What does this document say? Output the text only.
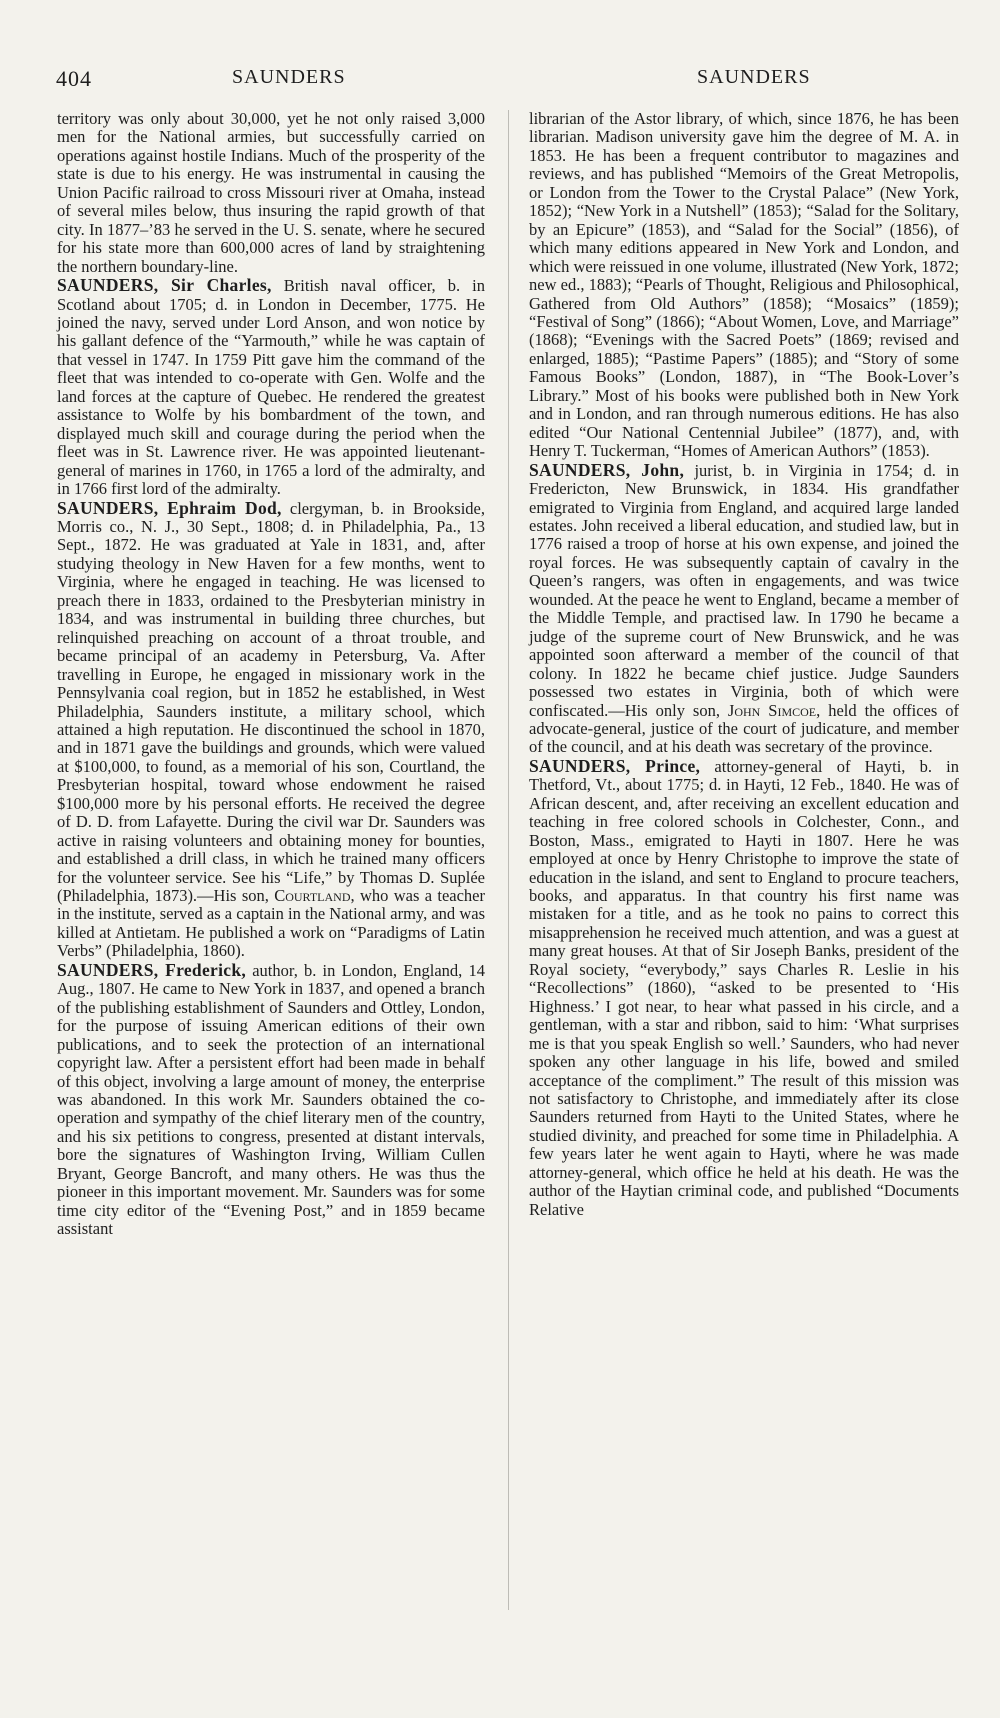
404	SAUNDERS	SAUNDERS

territory was only about 30,000, yet he not only raised 3,000 men for the National armies, but successfully carried on operations against hostile Indians. Much of the prosperity of the state is due to his energy. He was instrumental in causing the Union Pacific railroad to cross Missouri river at Omaha, instead of several miles below, thus insuring the rapid growth of that city. In 1877–’83 he served in the U. S. senate, where he secured for his state more than 600,000 acres of land by straightening the northern boundary-line.

SAUNDERS, Sir Charles, British naval officer, b. in Scotland about 1705; d. in London in December, 1775. He joined the navy, served under Lord Anson, and won notice by his gallant defence of the “Yarmouth,” while he was captain of that vessel in 1747. In 1759 Pitt gave him the command of the fleet that was intended to co-operate with Gen. Wolfe and the land forces at the capture of Quebec. He rendered the greatest assistance to Wolfe by his bombardment of the town, and displayed much skill and courage during the period when the fleet was in St. Lawrence river. He was appointed lieutenant-general of marines in 1760, in 1765 a lord of the admiralty, and in 1766 first lord of the admiralty.

SAUNDERS, Ephraim Dod, clergyman, b. in Brookside, Morris co., N. J., 30 Sept., 1808; d. in Philadelphia, Pa., 13 Sept., 1872. He was graduated at Yale in 1831, and, after studying theology in New Haven for a few months, went to Virginia, where he engaged in teaching. He was licensed to preach there in 1833, ordained to the Presbyterian ministry in 1834, and was instrumental in building three churches, but relinquished preaching on account of a throat trouble, and became principal of an academy in Petersburg, Va. After travelling in Europe, he engaged in missionary work in the Pennsylvania coal region, but in 1852 he established, in West Philadelphia, Saunders institute, a military school, which attained a high reputation. He discontinued the school in 1870, and in 1871 gave the buildings and grounds, which were valued at $100,000, to found, as a memorial of his son, Courtland, the Presbyterian hospital, toward whose endowment he raised $100,000 more by his personal efforts. He received the degree of D. D. from Lafayette. During the civil war Dr. Saunders was active in raising volunteers and obtaining money for bounties, and established a drill class, in which he trained many officers for the volunteer service. See his “Life,” by Thomas D. Suplée (Philadelphia, 1873).—His son, Courtland, who was a teacher in the institute, served as a captain in the National army, and was killed at Antietam. He published a work on “Paradigms of Latin Verbs” (Philadelphia, 1860).

SAUNDERS, Frederick, author, b. in London, England, 14 Aug., 1807. He came to New York in 1837, and opened a branch of the publishing establishment of Saunders and Ottley, London, for the purpose of issuing American editions of their own publications, and to seek the protection of an international copyright law. After a persistent effort had been made in behalf of this object, involving a large amount of money, the enterprise was abandoned. In this work Mr. Saunders obtained the co-operation and sympathy of the chief literary men of the country, and his six petitions to congress, presented at distant intervals, bore the signatures of Washington Irving, William Cullen Bryant, George Bancroft, and many others. He was thus the pioneer in this important movement. Mr. Saunders was for some time city editor of the “Evening Post,” and in 1859 became assistant

librarian of the Astor library, of which, since 1876, he has been librarian. Madison university gave him the degree of M. A. in 1853. He has been a frequent contributor to magazines and reviews, and has published “Memoirs of the Great Metropolis, or London from the Tower to the Crystal Palace” (New York, 1852); “New York in a Nutshell” (1853); “Salad for the Solitary, by an Epicure” (1853), and “Salad for the Social” (1856), of which many editions appeared in New York and London, and which were reissued in one volume, illustrated (New York, 1872; new ed., 1883); “Pearls of Thought, Religious and Philosophical, Gathered from Old Authors” (1858); “Mosaics” (1859); “Festival of Song” (1866); “About Women, Love, and Marriage” (1868); “Evenings with the Sacred Poets” (1869; revised and enlarged, 1885); “Pastime Papers” (1885); and “Story of some Famous Books” (London, 1887), in “The Book-Lover’s Library.” Most of his books were published both in New York and in London, and ran through numerous editions. He has also edited “Our National Centennial Jubilee” (1877), and, with Henry T. Tuckerman, “Homes of American Authors” (1853).

SAUNDERS, John, jurist, b. in Virginia in 1754; d. in Fredericton, New Brunswick, in 1834. His grandfather emigrated to Virginia from England, and acquired large landed estates. John received a liberal education, and studied law, but in 1776 raised a troop of horse at his own expense, and joined the royal forces. He was subsequently captain of cavalry in the Queen’s rangers, was often in engagements, and was twice wounded. At the peace he went to England, became a member of the Middle Temple, and practised law. In 1790 he became a judge of the supreme court of New Brunswick, and he was appointed soon afterward a member of the council of that colony. In 1822 he became chief justice. Judge Saunders possessed two estates in Virginia, both of which were confiscated.—His only son, John Simcoe, held the offices of advocate-general, justice of the court of judicature, and member of the council, and at his death was secretary of the province.

SAUNDERS, Prince, attorney-general of Hayti, b. in Thetford, Vt., about 1775; d. in Hayti, 12 Feb., 1840. He was of African descent, and, after receiving an excellent education and teaching in free colored schools in Colchester, Conn., and Boston, Mass., emigrated to Hayti in 1807. Here he was employed at once by Henry Christophe to improve the state of education in the island, and sent to England to procure teachers, books, and apparatus. In that country his first name was mistaken for a title, and as he took no pains to correct this misapprehension he received much attention, and was a guest at many great houses. At that of Sir Joseph Banks, president of the Royal society, “everybody,” says Charles R. Leslie in his “Recollections” (1860), “asked to be presented to ‘His Highness.’ I got near, to hear what passed in his circle, and a gentleman, with a star and ribbon, said to him: ‘What surprises me is that you speak English so well.’ Saunders, who had never spoken any other language in his life, bowed and smiled acceptance of the compliment.” The result of this mission was not satisfactory to Christophe, and immediately after its close Saunders returned from Hayti to the United States, where he studied divinity, and preached for some time in Philadelphia. A few years later he went again to Hayti, where he was made attorney-general, which office he held at his death. He was the author of the Haytian criminal code, and published “Documents Relative
